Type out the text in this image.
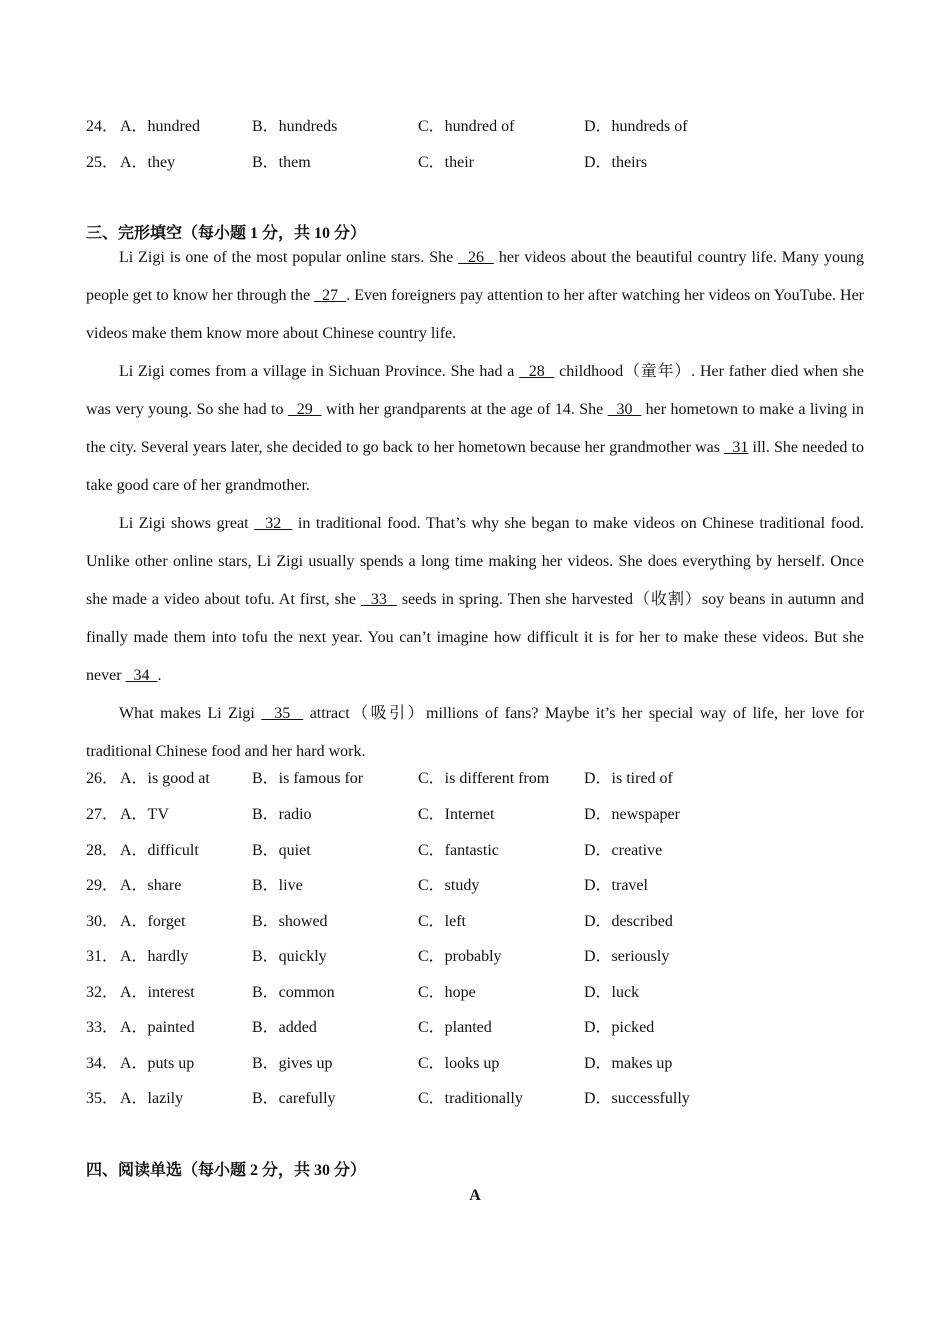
24． A．hundred	B．hundreds	C．hundred of	D．hundreds of
25． A．they	B．them	C．their	D．theirs
三、完形填空（每小题 1 分，共 10 分）

Li Zigi is one of the most popular online stars. She   26   her videos about the beautiful country life. Many young people get to know her through the   27  . Even foreigners pay attention to her after watching her videos on YouTube. Her videos make them know more about Chinese country life.

Li Zigi comes from a village in Sichuan Province. She had a   28   childhood（童年）. Her father died when she was very young. So she had to   29   with her grandparents at the age of 14. She   30   her hometown to make a living in the city. Several years later, she decided to go back to her hometown because her grandmother was   31 ill. She needed to take good care of her grandmother.

Li Zigi shows great   32   in traditional food. That’s why she began to make videos on Chinese traditional food. Unlike other online stars, Li Zigi usually spends a long time making her videos. She does everything by herself. Once she made a video about tofu. At first, she   33   seeds in spring. Then she harvested（收割）soy beans in autumn and finally made them into tofu the next year. You can’t imagine how difficult it is for her to make these videos. But she never   34  .

What makes Li Zigi   35   attract（吸引）millions of fans? Maybe it’s her special way of life, her love for traditional Chinese food and her hard work.

26． A．is good at	B．is famous for	C．is different from D．is tired of
27． A．TV	B．radio	C．Internet	D．newspaper
28． A．difficult	B．quiet	C．fantastic	D．creative
29． A．share	B．live	C．study	D．travel
30． A．forget	B．showed	C．left	D．described
31． A．hardly	B．quickly	C．probably	D．seriously
32． A．interest	B．common	C．hope	D．luck
33． A．painted	B．added	C．planted	D．picked
34． A．puts up	B．gives up	C．looks up	D．makes up
35． A．lazily	B．carefully	C．traditionally	D．successfully
四、阅读单选（每小题 2 分，共 30 分）
A
